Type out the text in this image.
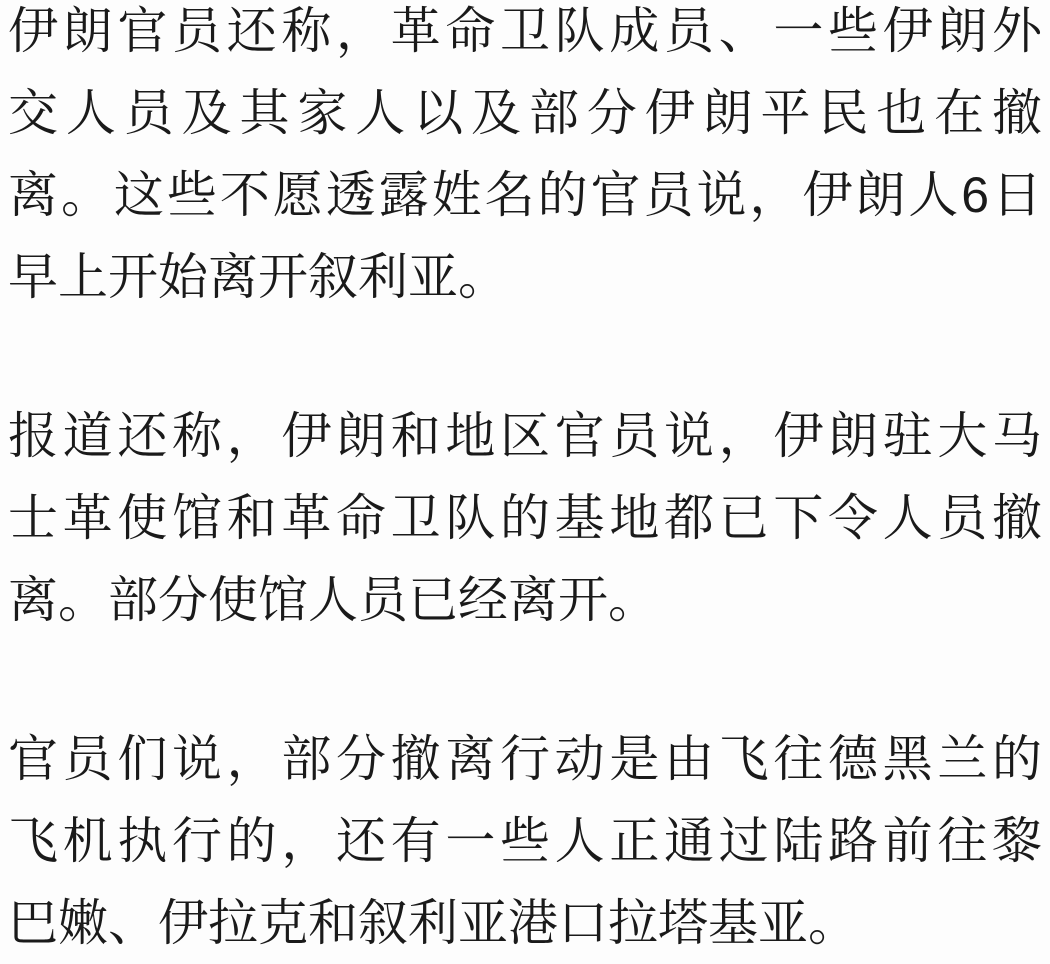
伊朗官员还称，革命卫队成员、一些伊朗外
交人员及其家人以及部分伊朗平民也在撤
离。这些不愿透露姓名的官员说，伊朗人6日
早上开始离开叙利亚。
报道还称，伊朗和地区官员说，伊朗驻大马
士革使馆和革命卫队的基地都已下令人员撤
离。部分使馆人员已经离开。
官员们说，部分撤离行动是由飞往德黑兰的
飞机执行的，还有一些人正通过陆路前往黎
巴嫩、伊拉克和叙利亚港口拉塔基亚。
